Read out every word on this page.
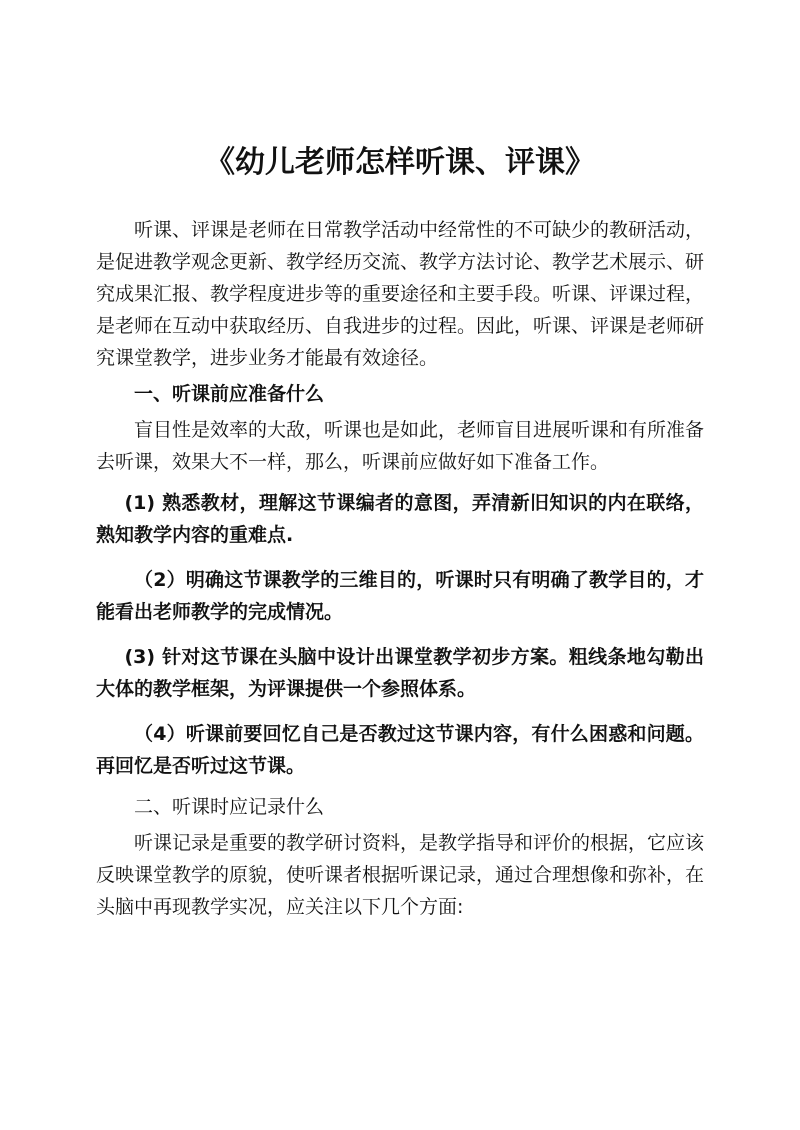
《幼儿老师怎样听课、评课》

听课、评课是老师在日常教学活动中经常性的不可缺少的教研活动，是促进教学观念更新、教学经历交流、教学方法讨论、教学艺术展示、研究成果汇报、教学程度进步等的重要途径和主要手段。听课、评课过程，是老师在互动中获取经历、自我进步的过程。因此，听课、评课是老师研究课堂教学，进步业务才能最有效途径。

一、听课前应准备什么

盲目性是效率的大敌，听课也是如此，老师盲目进展听课和有所准备去听课，效果大不一样，那么，听课前应做好如下准备工作。

(1) 熟悉教材，理解这节课编者的意图，弄清新旧知识的内在联络，熟知教学内容的重难点.

（2）明确这节课教学的三维目的，听课时只有明确了教学目的，才能看出老师教学的完成情况。

(3) 针对这节课在头脑中设计出课堂教学初步方案。粗线条地勾勒出大体的教学框架，为评课提供一个参照体系。

（4）听课前要回忆自己是否教过这节课内容，有什么困惑和问题。再回忆是否听过这节课。

二、听课时应记录什么

听课记录是重要的教学研讨资料，是教学指导和评价的根据，它应该反映课堂教学的原貌，使听课者根据听课记录，通过合理想像和弥补，在头脑中再现教学实况，应关注以下几个方面:
